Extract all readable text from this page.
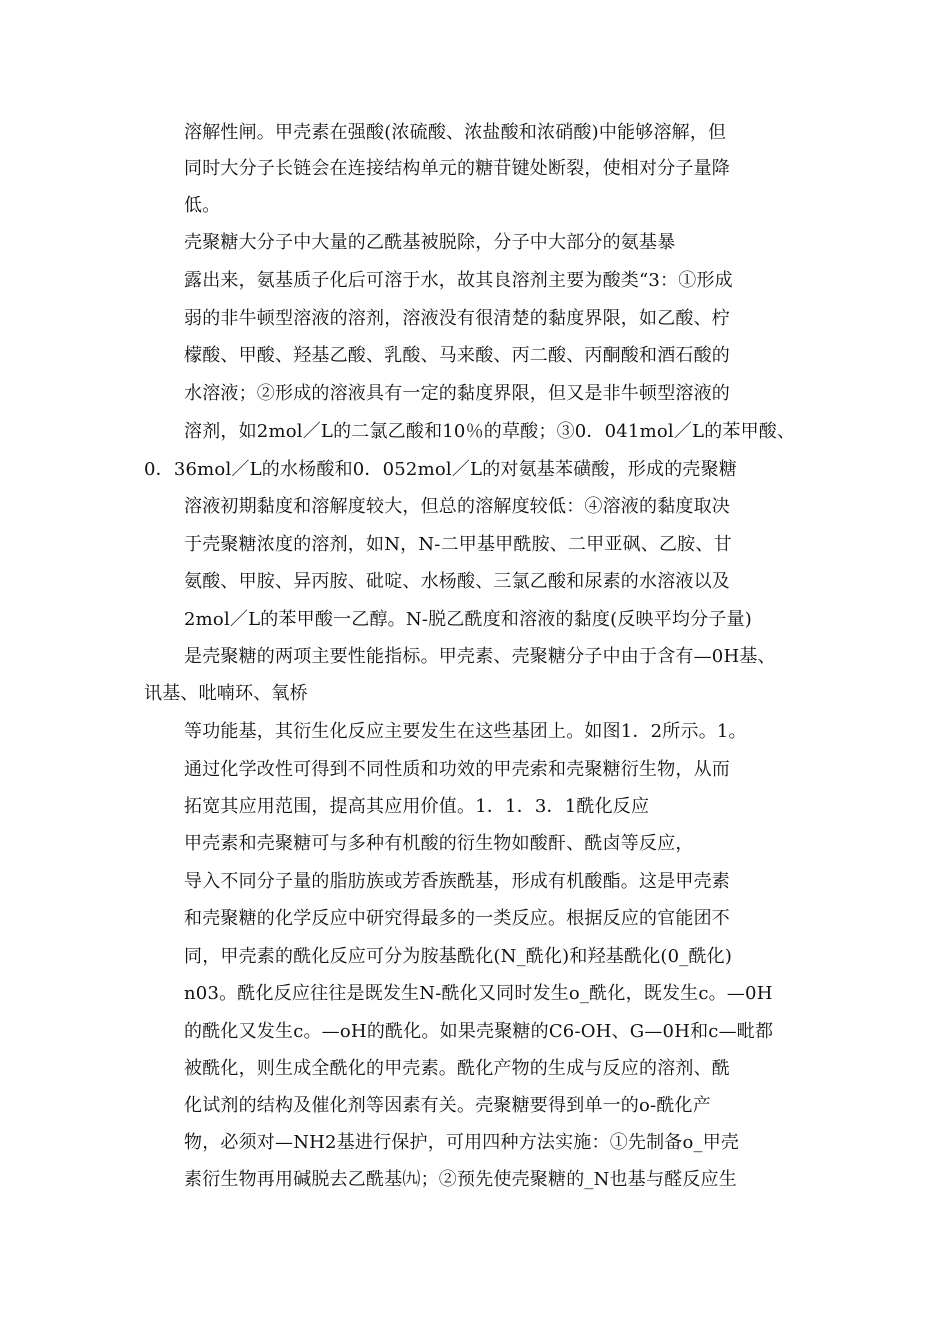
溶解性闸。甲壳素在强酸(浓硫酸、浓盐酸和浓硝酸)中能够溶解，但
同时大分子长链会在连接结构单元的糖苷键处断裂，使相对分子量降
低。
壳聚糖大分子中大量的乙酰基被脱除，分子中大部分的氨基暴
露出来，氨基质子化后可溶于水，故其良溶剂主要为酸类“3：①形成
弱的非牛顿型溶液的溶剂，溶液没有很清楚的黏度界限，如乙酸、柠
檬酸、甲酸、羟基乙酸、乳酸、马来酸、丙二酸、丙酮酸和酒石酸的
水溶液；②形成的溶液具有一定的黏度界限，但又是非牛顿型溶液的
溶剂，如2mol／L的二氯乙酸和10％的草酸；③0．041mol／L的苯甲酸、
0．36mol／L的水杨酸和0．052mol／L的对氨基苯磺酸，形成的壳聚糖
溶液初期黏度和溶解度较大，但总的溶解度较低：④溶液的黏度取决
于壳聚糖浓度的溶剂，如N，N-二甲基甲酰胺、二甲亚砜、乙胺、甘
氨酸、甲胺、异丙胺、砒啶、水杨酸、三氯乙酸和尿素的水溶液以及
2mol／L的苯甲酸一乙醇。N-脱乙酰度和溶液的黏度(反映平均分子量)
是壳聚糖的两项主要性能指标。甲壳素、壳聚糖分子中由于含有—0H基、
讯基、吡喃环、氧桥
等功能基，其衍生化反应主要发生在这些基团上。如图1．2所示。1。
通过化学改性可得到不同性质和功效的甲壳索和壳聚糖衍生物，从而
拓宽其应用范围，提高其应用价值。1．1．3．1酰化反应
甲壳素和壳聚糖可与多种有机酸的衍生物如酸酐、酰卤等反应，
导入不同分子量的脂肪族或芳香族酰基，形成有机酸酯。这是甲壳素
和壳聚糖的化学反应中研究得最多的一类反应。根据反应的官能团不
同，甲壳素的酰化反应可分为胺基酰化(N_酰化)和羟基酰化(0_酰化)
n03。酰化反应往往是既发生N-酰化又同时发生o_酰化，既发生c。—0H
的酰化又发生c。—oH的酰化。如果壳聚糖的C6-OH、G—0H和c—毗都
被酰化，则生成全酰化的甲壳素。酰化产物的生成与反应的溶剂、酰
化试剂的结构及催化剂等因素有关。壳聚糖要得到单一的o-酰化产
物，必须对—NH2基进行保护，可用四种方法实施：①先制备o_甲壳
素衍生物再用碱脱去乙酰基㈨；②预先使壳聚糖的_N也基与醛反应生
